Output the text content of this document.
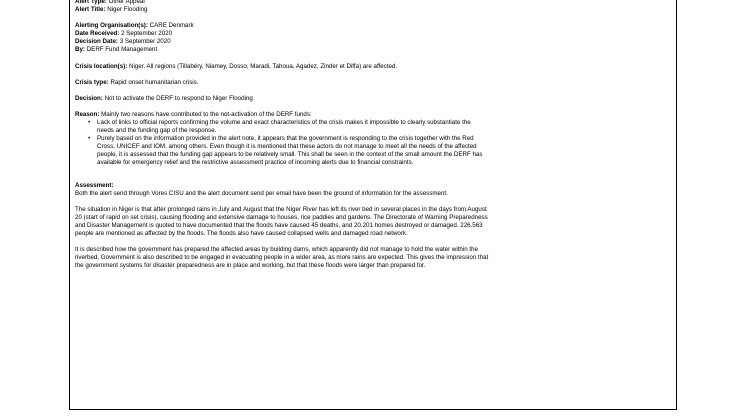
Alert Type: Other Appeal
Alert Title: Niger Flooding
Alerting Organisation(s): CARE Denmark
Date Received: 2 September 2020
Decision Date: 3 September 2020
By: DERF Fund Management
Crisis location(s): Niger. All regions (Tillabéry, Niamey, Dosso, Maradi, Tahoua, Agadez, Zinder et Diffa) are affected.
Crisis type: Rapid onset humanitarian crisis.
Decision: Not to activate the DERF to respond to Niger Flooding
Reason: Mainly two reasons have contributed to the not-activation of the DERF funds:
• Lack of links to official reports confirming the volume and exact characteristics of the crisis makes it impossible to clearly substantiate the
needs and the funding gap of the response.
• Purely based on the information provided in the alert note, it appears that the government is responding to the crisis together with the Red
Cross, UNICEF and IOM, among others. Even though it is mentioned that these actors do not manage to meet all the needs of the affected
people, it is assessed that the funding gap appears to be relatively small. This shall be seen in the context of the small amount the DERF has
available for emergency relief and the restrictive assessment practice of incoming alerts due to financial constraints.
Assessment:
Both the alert send through Vores CISU and the alert document send per email have been the ground of information for the assessment.
The situation in Niger is that after prolonged rains in July and August that the Niger River has left its river bed in several places in the days from August
20 (start of rapid on set crisis), causing flooding and extensive damage to houses, rice paddies and gardens. The Directorate of Warning Preparedness
and Disaster Management is quoted to have documented that the floods have caused 45 deaths, and 20.201 homes destroyed or damaged. 226.563
people are mentioned as affected by the floods. The floods also have caused collapsed wells and damaged road network.
It is described how the government has prepared the affected areas by building dams, which apparently did not manage to hold the water within the
riverbed. Government is also described to be engaged in evacuating people in a wider area, as more rains are expected. This gives the impression that
the government systems for disaster preparedness are in place and working, but that these floods were larger than prepared for.
